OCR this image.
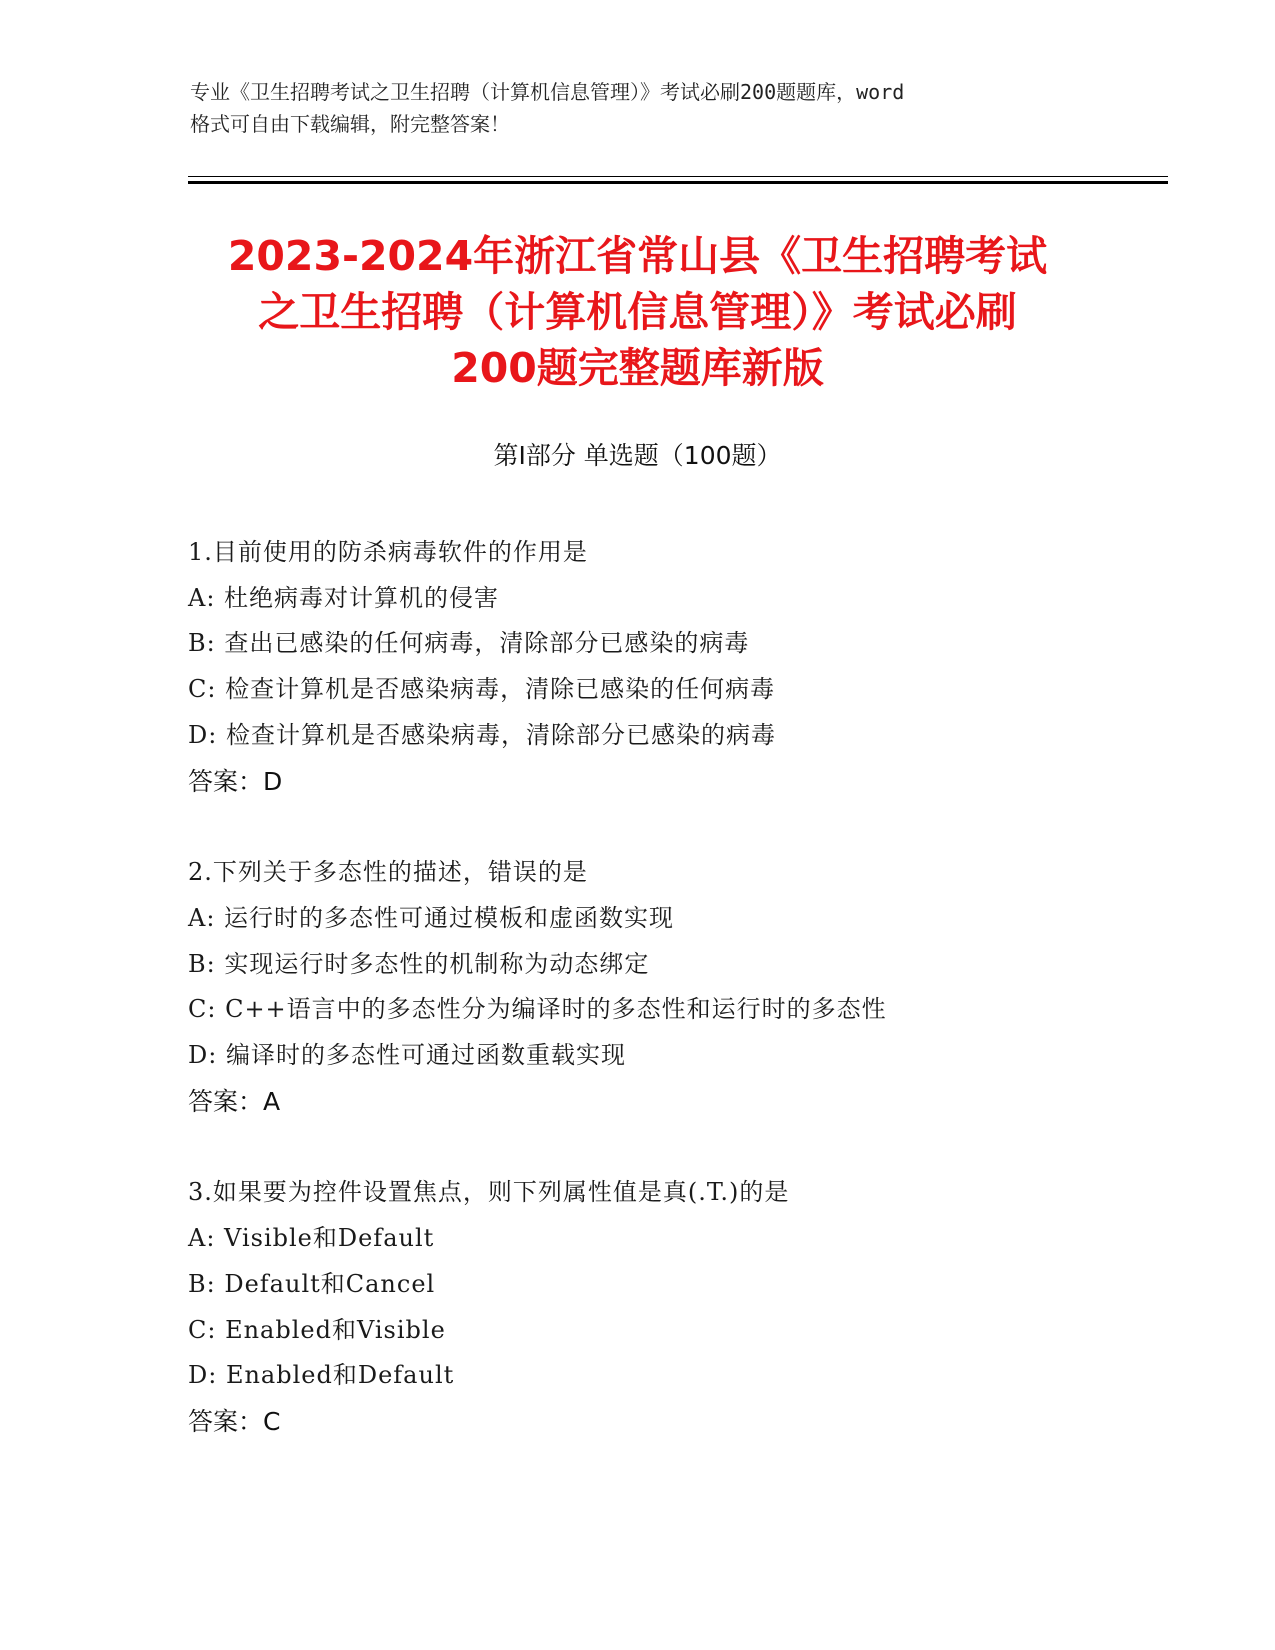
专业《卫生招聘考试之卫生招聘（计算机信息管理）》考试必刷200题题库，word
格式可自由下载编辑，附完整答案！
2023-2024年浙江省常山县《卫生招聘考试
之卫生招聘（计算机信息管理）》考试必刷
200题完整题库新版
第Ⅰ部分 单选题（100题）
1.目前使用的防杀病毒软件的作用是
A: 杜绝病毒对计算机的侵害
B: 查出已感染的任何病毒，清除部分已感染的病毒
C: 检查计算机是否感染病毒，清除已感染的任何病毒
D: 检查计算机是否感染病毒，清除部分已感染的病毒
答案：D
2.下列关于多态性的描述，错误的是
A: 运行时的多态性可通过模板和虚函数实现
B: 实现运行时多态性的机制称为动态绑定
C: C++语言中的多态性分为编译时的多态性和运行时的多态性
D: 编译时的多态性可通过函数重载实现
答案：A
3.如果要为控件设置焦点，则下列属性值是真(.T.)的是
A: Visible和Default
B: Default和Cancel
C: Enabled和Visible
D: Enabled和Default
答案：C
